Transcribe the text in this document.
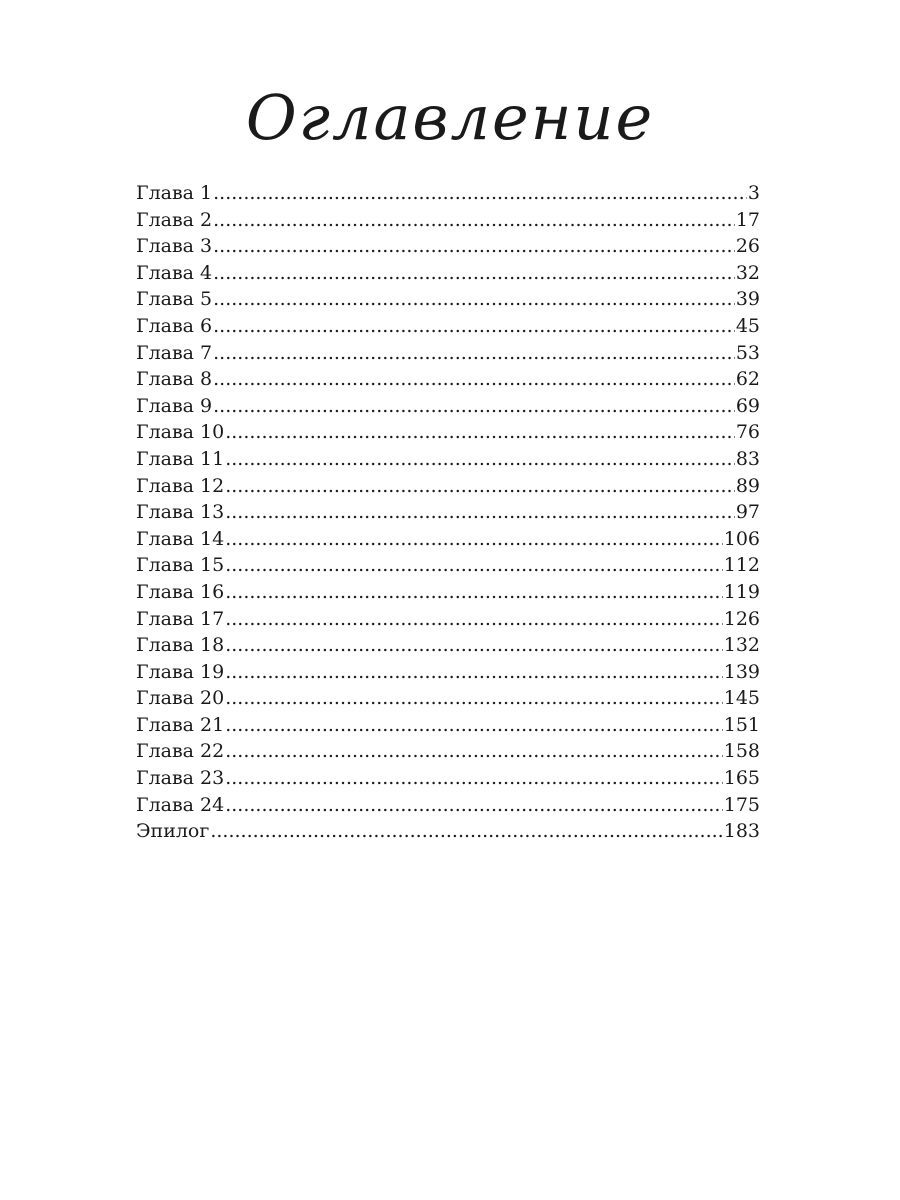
Оглавление
Глава 1 .....	3
Глава 2 .....	17
Глава 3 .....	26
Глава 4 .....	32
Глава 5 .....	39
Глава 6 .....	45
Глава 7 .....	53
Глава 8 .....	62
Глава 9 .....	69
Глава 10 .....	76
Глава 11 .....	83
Глава 12 .....	89
Глава 13 .....	97
Глава 14 .....	106
Глава 15 .....	112
Глава 16 .....	119
Глава 17 .....	126
Глава 18 .....	132
Глава 19 .....	139
Глава 20 .....	145
Глава 21 .....	151
Глава 22 .....	158
Глава 23 .....	165
Глава 24 .....	175
Эпилог .....	183
